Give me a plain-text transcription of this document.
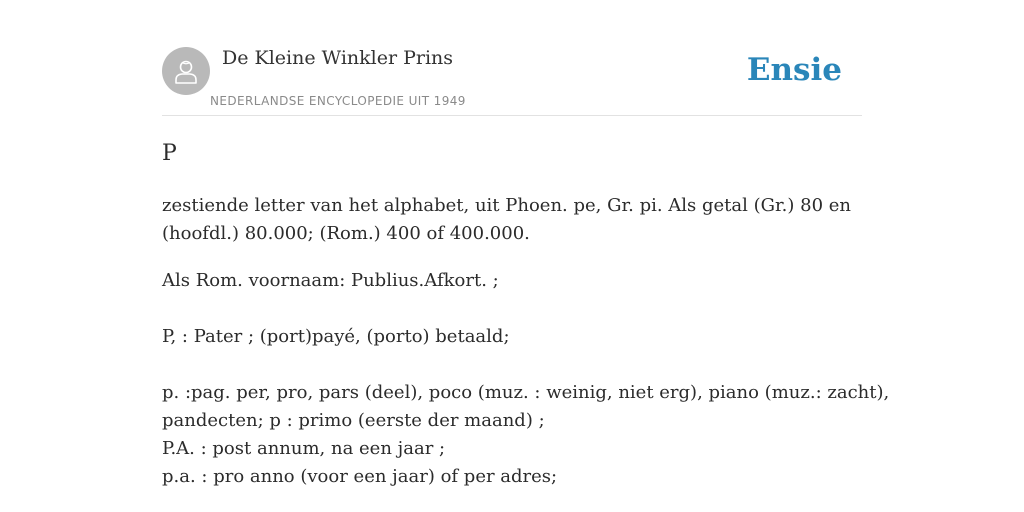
De Kleine Winkler Prins
NEDERLANDSE ENCYCLOPEDIE UIT 1949
Ensie
P

zestiende letter van het alphabet, uit Phoen. pe, Gr. pi. Als getal (Gr.) 80 en (hoofdl.) 80.000; (Rom.) 400 of 400.000.

Als Rom. voornaam: Publius.Afkort. ;
P, : Pater ; (port)payé, (porto) betaald;
p. :pag. per, pro, pars (deel), poco (muz. : weinig, niet erg), piano (muz.: zacht),
pandecten; p : primo (eerste der maand) ;
P.A. : post annum, na een jaar ;
p.a. : pro anno (voor een jaar) of per adres;
